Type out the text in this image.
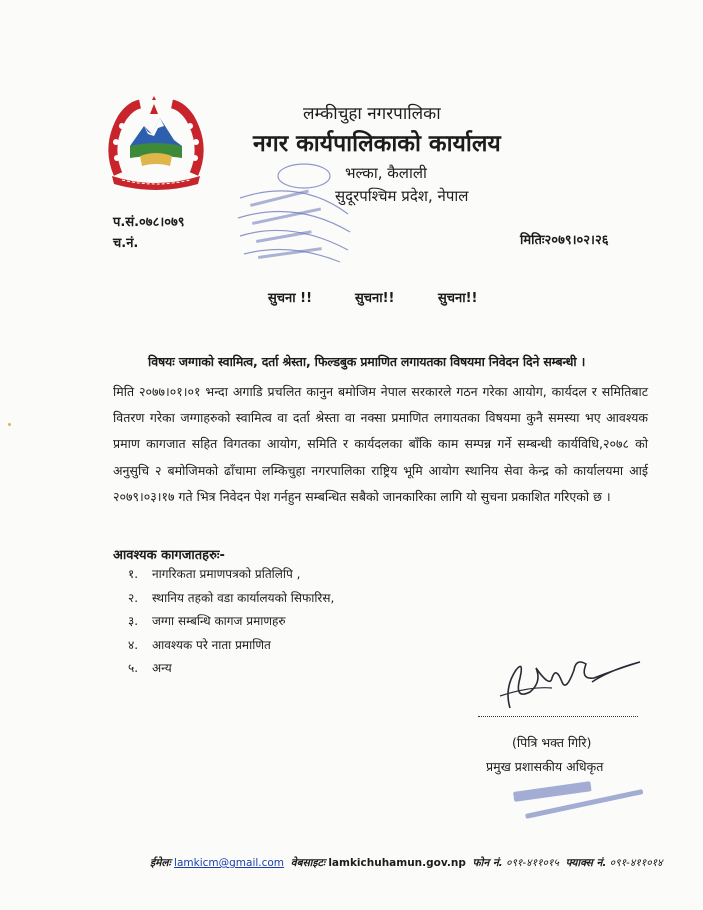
लम्कीचुहा नगरपालिका
नगर कार्यपालिकाको कार्यालय
भल्का, कैलाली
सुदूरपश्चिम प्रदेश, नेपाल
प.सं.०७८।०७९
च.नं.	मितिः२०७९।०२।२६
सुचना !!	सुचना!!	सुचना!!
विषयः जग्गाको स्वामित्व, दर्ता श्रेस्ता, फिल्डबुक प्रमाणित लगायतका विषयमा निवेदन दिने सम्बन्धी ।
मिति २०७७।०१।०१ भन्दा अगाडि प्रचलित कानुन बमोजिम नेपाल सरकारले गठन गरेका आयोग, कार्यदल र समितिबाट वितरण गरेका जग्गाहरुको स्वामित्व वा दर्ता श्रेस्ता वा नक्सा प्रमाणित लगायतका विषयमा कुनै समस्या भए आवश्यक प्रमाण कागजात सहित विगतका आयोग, समिति र कार्यदलका बाँकि काम सम्पन्न गर्ने सम्बन्धी कार्यविधि,२०७८ को अनुसुचि २ बमोजिमको ढाँचामा लम्किचुहा नगरपालिका राष्ट्रिय भूमि आयोग स्थानिय सेवा केन्द्र को कार्यालयमा आई २०७९।०३।१७ गते भित्र निवेदन पेश गर्नहुन सम्बन्धित सबैको जानकारिका लागि यो सुचना प्रकाशित गरिएको छ ।
आवश्यक कागजातहरुः-
१.	नागरिकता प्रमाणपत्रको प्रतिलिपि ,
२.	स्थानिय तहको वडा कार्यालयको सिफारिस,
३.	जग्गा सम्बन्धि कागज प्रमाणहरु
४.	आवश्यक परे नाता प्रमाणित
५.	अन्य
(पित्रि भक्त गिरि)
प्रमुख प्रशासकीय अधिकृत
ईमेलः lamkicm@gmail.com वेबसाइटः lamkichuhamun.gov.np फोन नं. ०९१-४११०१५ फ्याक्स नं. ०९१-४११०१४
